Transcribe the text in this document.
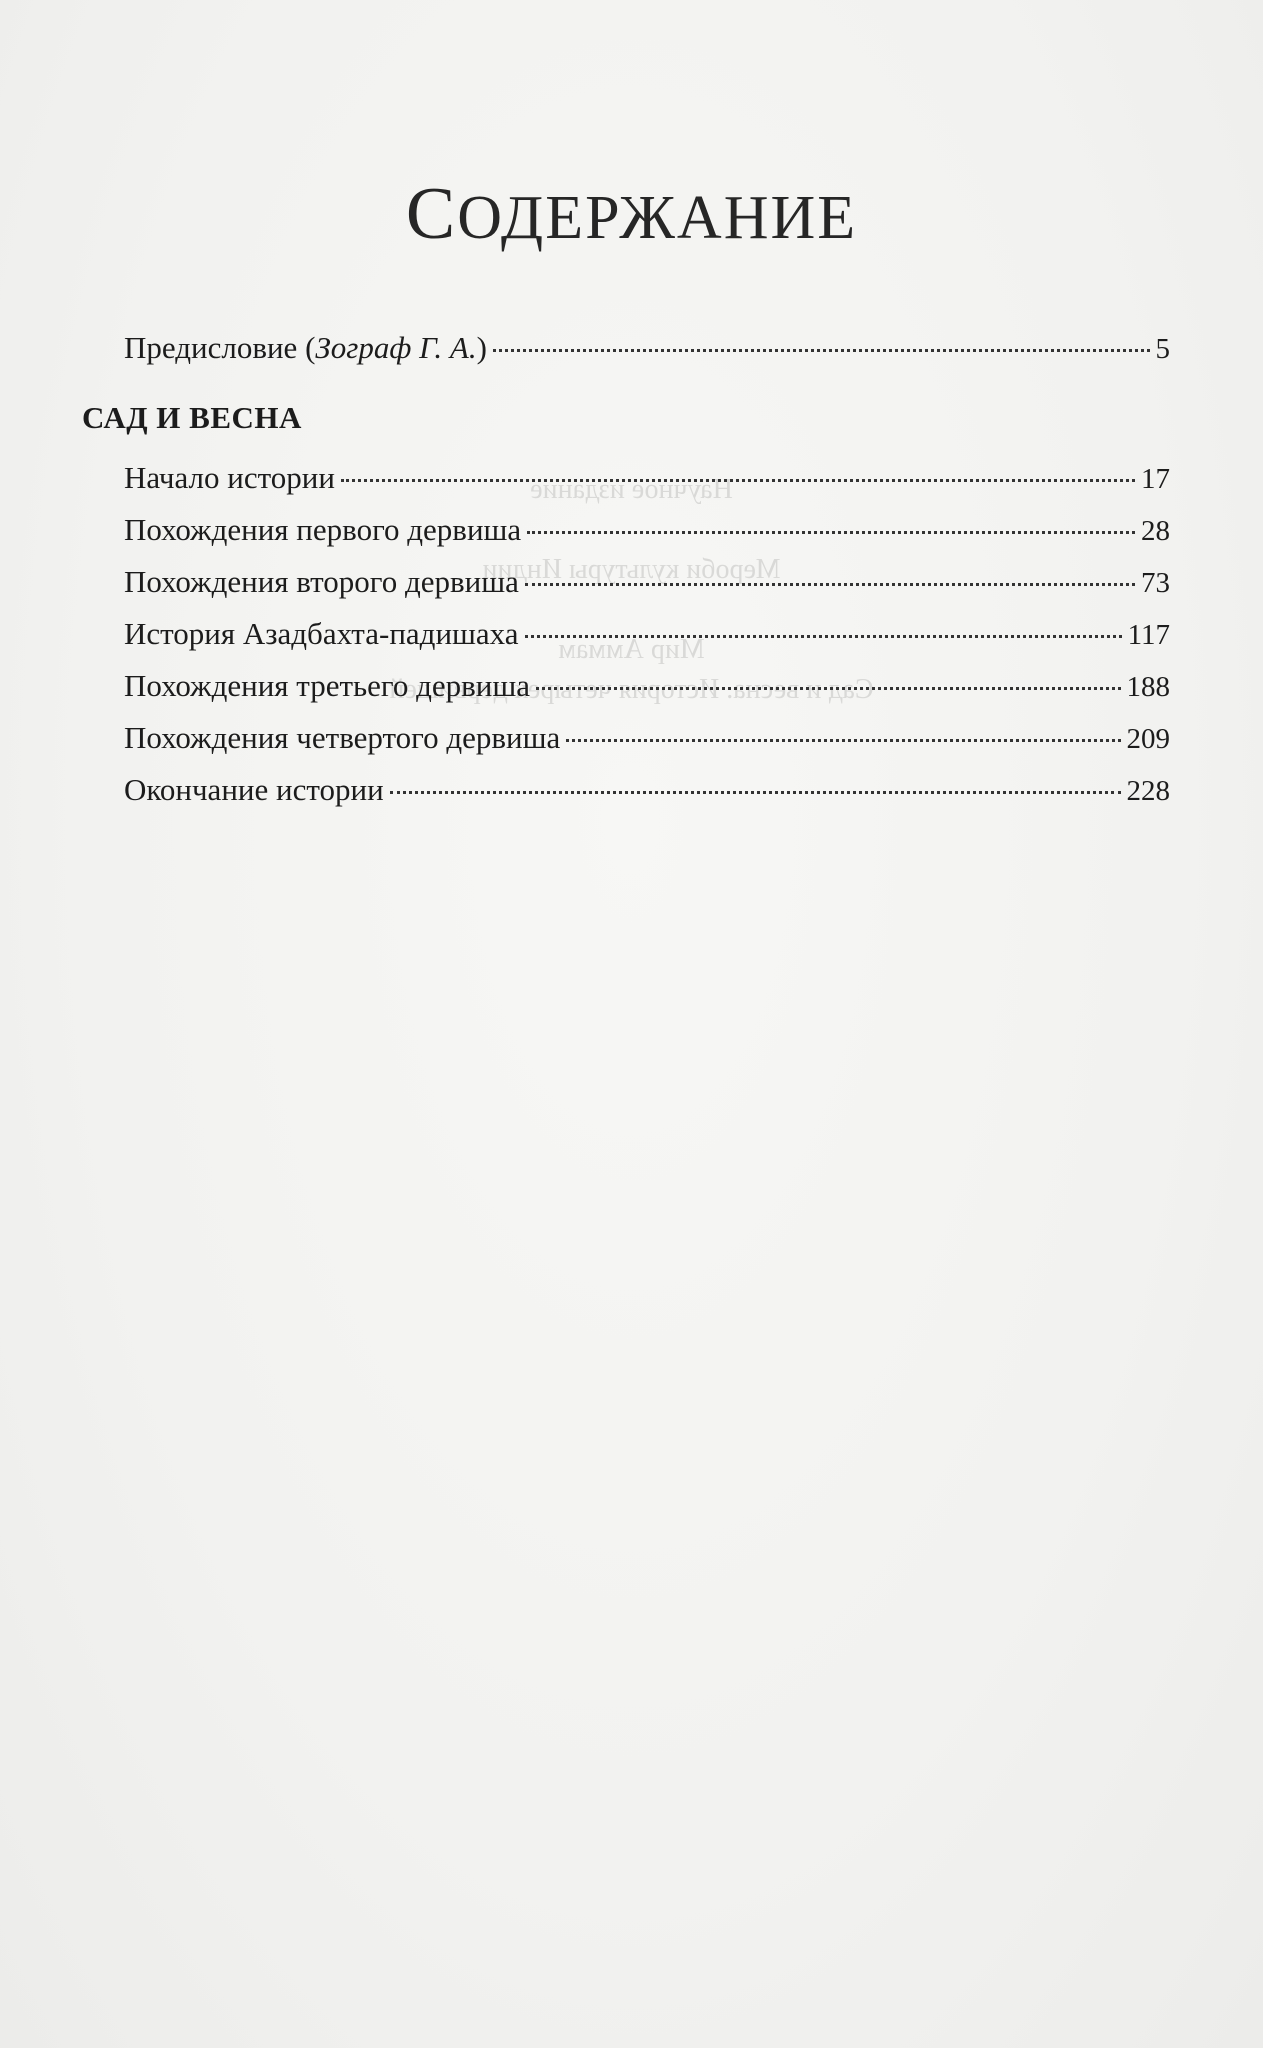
Научное издание

Мероби культуры Индии

Мир Аммам

Сад и весна. История четырех дервишей

СОДЕРЖАНИЕ
Предисловие (Зограф Г. А.)	5
САД И ВЕСНА
Начало истории	17
Похождения первого дервиша	28
Похождения второго дервиша	73
История Азадбахта-падишаха	117
Похождения третьего дервиша	188
Похождения четвертого дервиша	209
Окончание истории	228
